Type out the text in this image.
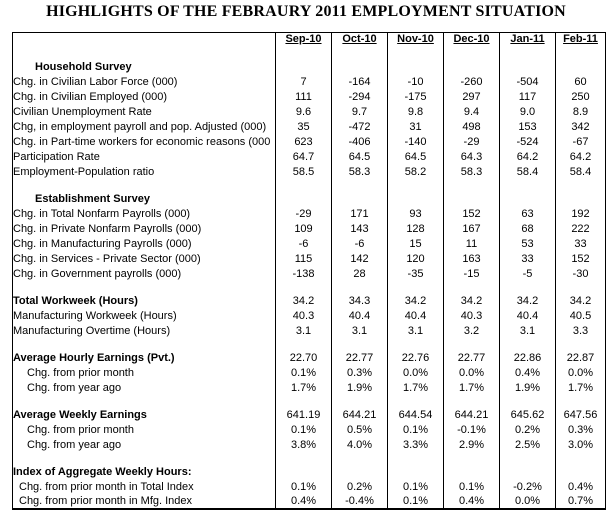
HIGHLIGHTS OF THE FEBRAURY 2011 EMPLOYMENT SITUATION
	Sep-10	Oct-10	Nov-10	Dec-10	Jan-11	Feb-11
Household Survey						
Chg. in Civilian Labor Force (000)	7	-164	-10	-260	-504	60
Chg. in Civilian Employed (000)	111	-294	-175	297	117	250
Civilian Unemployment Rate	9.6	9.7	9.8	9.4	9.0	8.9
Chg, in employment payroll and pop. Adjusted (000)	35	-472	31	498	153	342
Chg. in Part-time workers for economic reasons (000	623	-406	-140	-29	-524	-67
Participation Rate	64.7	64.5	64.5	64.3	64.2	64.2
Employment-Population ratio	58.5	58.3	58.2	58.3	58.4	58.4

Establishment Survey						
Chg. in Total Nonfarm Payrolls (000)	-29	171	93	152	63	192
Chg. in Private Nonfarm Payrolls (000)	109	143	128	167	68	222
Chg. in Manufacturing Payrolls (000)	-6	-6	15	11	53	33
Chg. in Services - Private Sector (000)	115	142	120	163	33	152
Chg. in Government payrolls (000)	-138	28	-35	-15	-5	-30

Total Workweek (Hours)	34.2	34.3	34.2	34.2	34.2	34.2
Manufacturing Workweek (Hours)	40.3	40.4	40.4	40.3	40.4	40.5
Manufacturing Overtime (Hours)	3.1	3.1	3.1	3.2	3.1	3.3

Average Hourly Earnings (Pvt.)	22.70	22.77	22.76	22.77	22.86	22.87
Chg. from prior month	0.1%	0.3%	0.0%	0.0%	0.4%	0.0%
Chg. from year ago	1.7%	1.9%	1.7%	1.7%	1.9%	1.7%

Average Weekly Earnings	641.19	644.21	644.54	644.21	645.62	647.56
Chg. from prior month	0.1%	0.5%	0.1%	-0.1%	0.2%	0.3%
Chg. from year ago	3.8%	4.0%	3.3%	2.9%	2.5%	3.0%

Index of Aggregate Weekly Hours:						
Chg. from prior month in Total Index	0.1%	0.2%	0.1%	0.1%	-0.2%	0.4%
Chg. from prior month in Mfg. Index	0.4%	-0.4%	0.1%	0.4%	0.0%	0.7%
